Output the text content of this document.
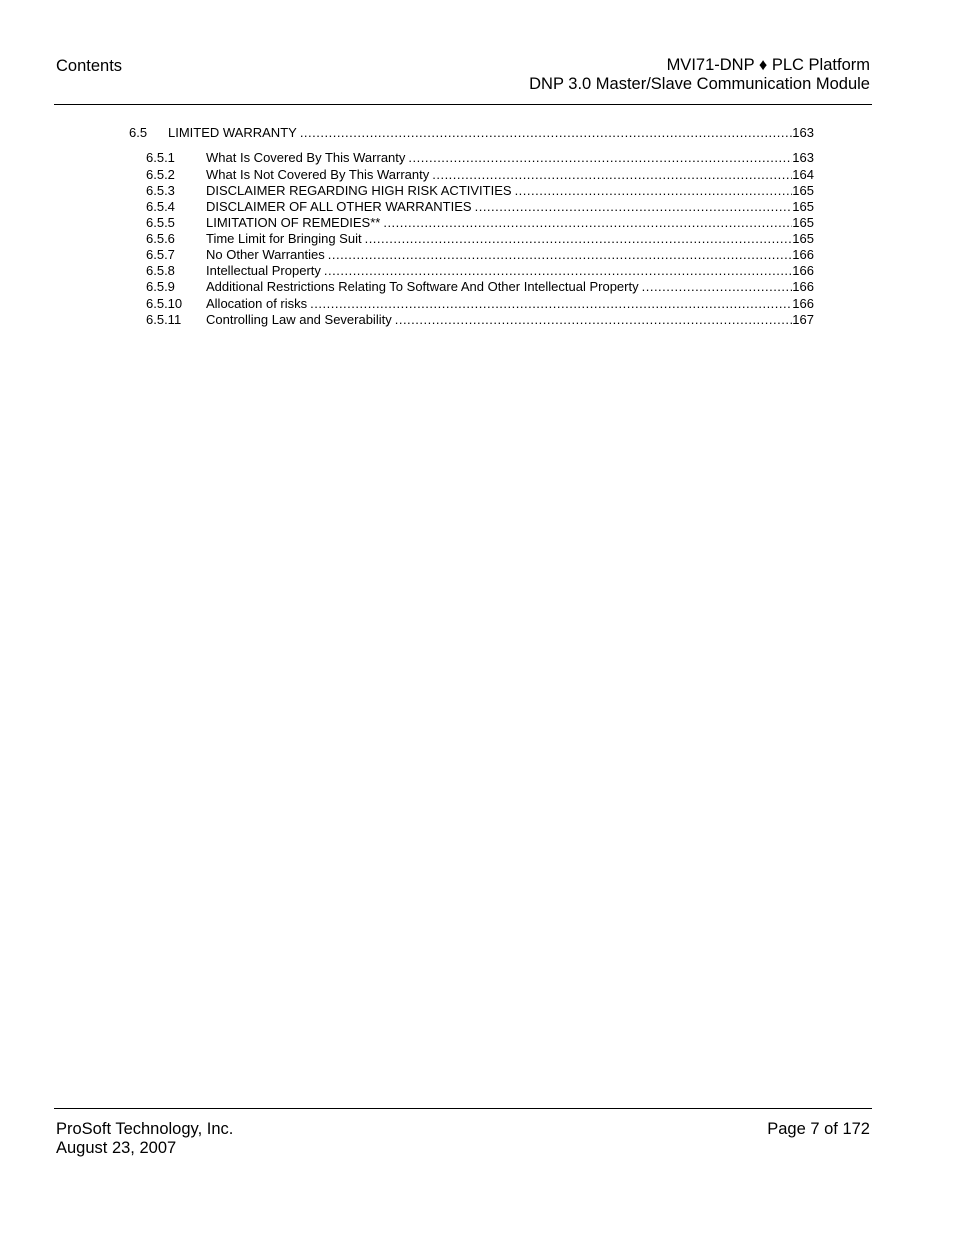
Contents	MVI71-DNP ♦ PLC Platform
DNP 3.0 Master/Slave Communication Module
6.5 LIMITED WARRANTY .....	163
6.5.1 What Is Covered By This Warranty .....	163
6.5.2 What Is Not Covered By This Warranty .....	164
6.5.3 DISCLAIMER REGARDING HIGH RISK ACTIVITIES .....	165
6.5.4 DISCLAIMER OF ALL OTHER WARRANTIES .....	165
6.5.5 LIMITATION OF REMEDIES** .....	165
6.5.6 Time Limit for Bringing Suit .....	165
6.5.7 No Other Warranties .....	166
6.5.8 Intellectual Property .....	166
6.5.9 Additional Restrictions Relating To Software And Other Intellectual Property .....	166
6.5.10 Allocation of risks .....	166
6.5.11 Controlling Law and Severability .....	167
ProSoft Technology, Inc.
August 23, 2007
Page 7 of 172
